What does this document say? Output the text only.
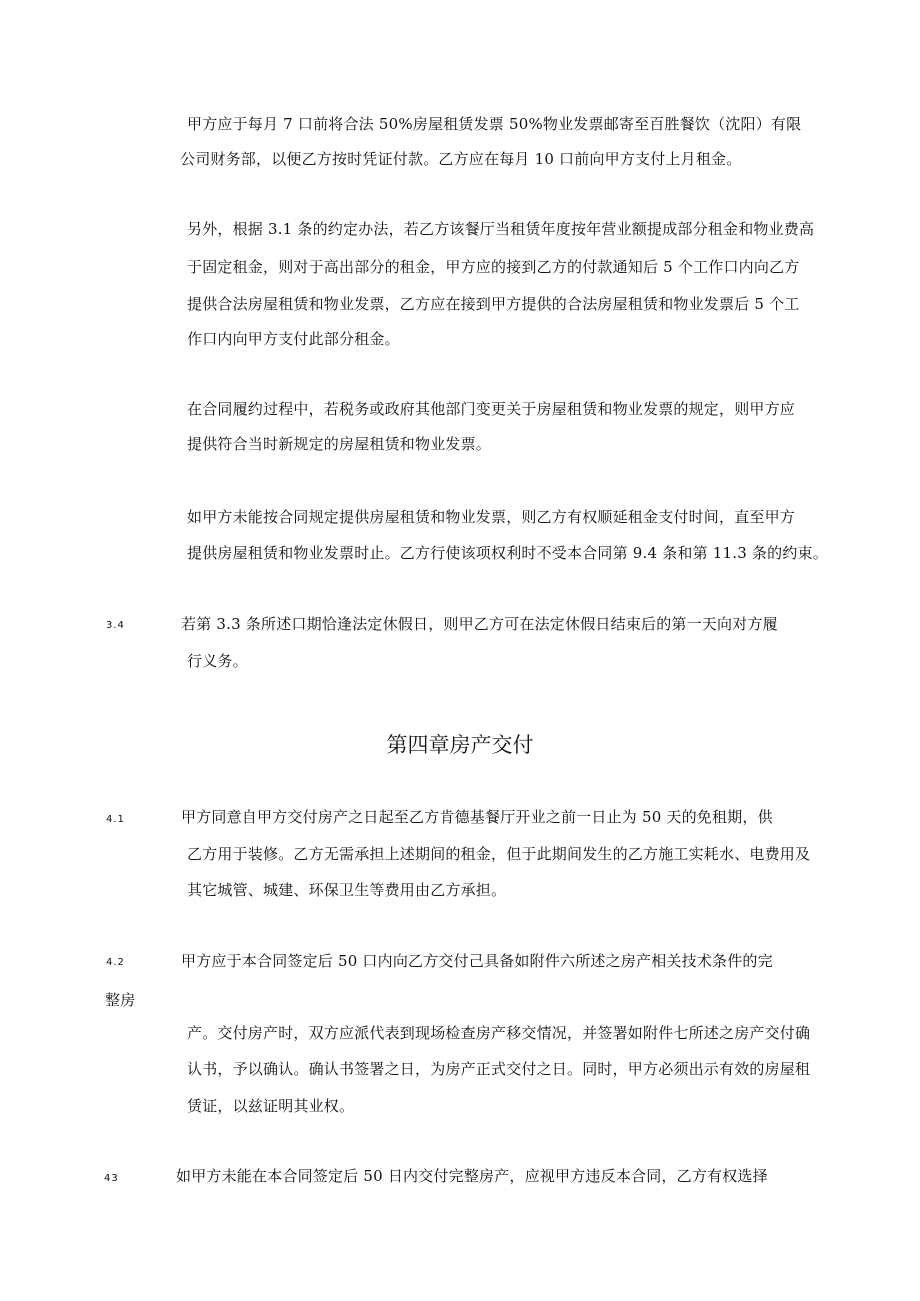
甲方应于每月 7 口前将合法 50%房屋租赁发票 50%物业发票邮寄至百胜餐饮（沈阳）有限
公司财务部，以便乙方按时凭证付款。乙方应在每月 10 口前向甲方支付上月租金。
另外，根据 3.1 条的约定办法，若乙方该餐厅当租赁年度按年营业额提成部分租金和物业费高
于固定租金，则对于高出部分的租金，甲方应的接到乙方的付款通知后 5 个工作口内向乙方
提供合法房屋租赁和物业发票，乙方应在接到甲方提供的合法房屋租赁和物业发票后 5 个工
作口内向甲方支付此部分租金。
在合同履约过程中，若税务或政府其他部门变更关于房屋租赁和物业发票的规定，则甲方应
提供符合当时新规定的房屋租赁和物业发票。
如甲方未能按合同规定提供房屋租赁和物业发票，则乙方有权顺延租金支付时间，直至甲方
提供房屋租赁和物业发票时止。乙方行使该项权利时不受本合同第 9.4 条和第 11.3 条的约束。
3.4	若第 3.3 条所述口期恰逢法定休假日，则甲乙方可在法定休假日结束后的第一天向对方履
行义务。
第四章房产交付
4.1	甲方同意自甲方交付房产之日起至乙方肯德基餐厅开业之前一日止为 50 天的免租期，供
乙方用于装修。乙方无需承担上述期间的租金，但于此期间发生的乙方施工实耗水、电费用及
其它城管、城建、环保卫生等费用由乙方承担。
4.2	甲方应于本合同签定后 50 口内向乙方交付己具备如附件六所述之房产相关技术条件的完
整房
产。交付房产时，双方应派代表到现场检查房产移交情况，并签署如附件七所述之房产交付确
认书，予以确认。确认书签署之日，为房产正式交付之日。同时，甲方必须出示有效的房屋租
赁证，以兹证明其业权。
43	如甲方未能在本合同签定后 50 日内交付完整房产，应视甲方违反本合同，乙方有权选择
